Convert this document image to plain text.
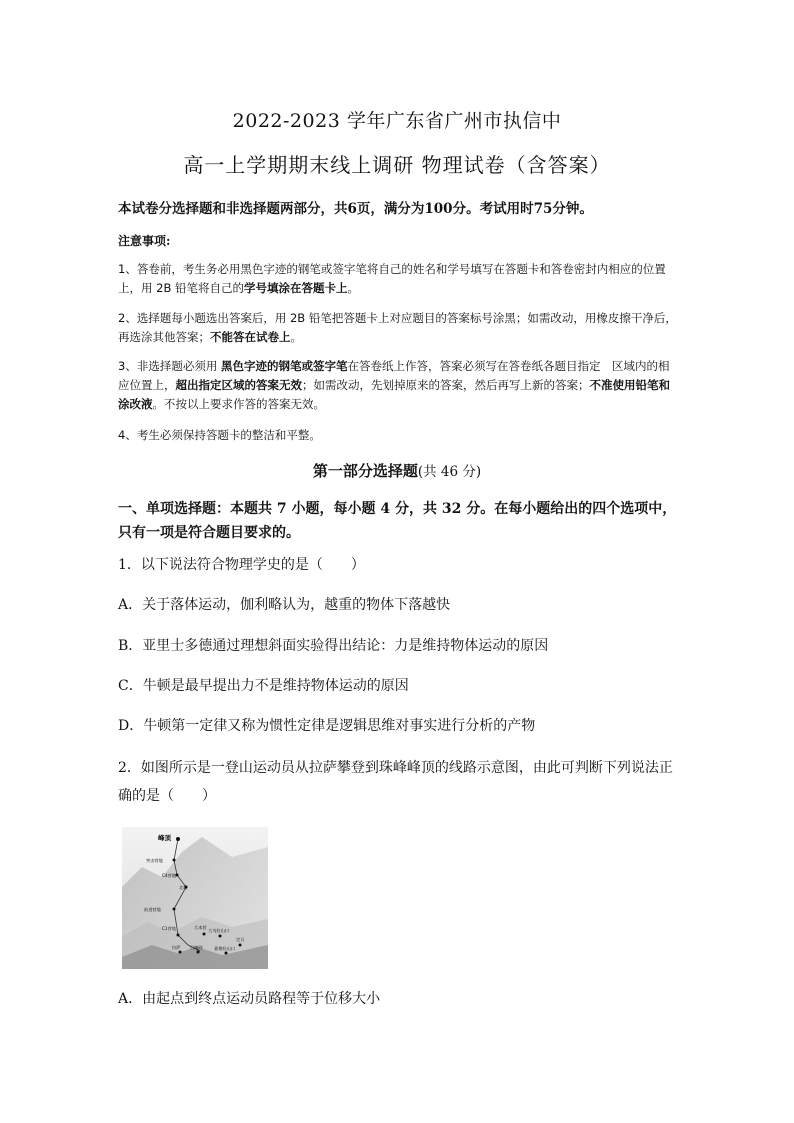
2022-2023 学年广东省广州市执信中
高一上学期期末线上调研 物理试卷（含答案）
本试卷分选择题和非选择题两部分，共6页，满分为100分。考试用时75分钟。
注意事项:
1、答卷前，考生务必用黑色字迹的钢笔或签字笔将自己的姓名和学号填写在答题卡和答卷密封内相应的位置上，用 2B 铅笔将自己的学号填涂在答题卡上。
2、选择题每小题选出答案后，用 2B 铅笔把答题卡上对应题目的答案标号涂黑；如需改动，用橡皮擦干净后，再选涂其他答案；不能答在试卷上。
3、非选择题必须用 黑色字迹的钢笔或签字笔在答卷纸上作答，答案必须写在答卷纸各题目指定　区域内的相应位置上，超出指定区域的答案无效；如需改动，先划掉原来的答案，然后再写上新的答案；不准使用铅笔和涂改液。不按以上要求作答的答案无效。
4、考生必须保持答题卡的整洁和平整。
第一部分选择题(共 46 分)
一、单项选择题：本题共 7 小题，每小题 4 分，共 32 分。在每小题给出的四个选项中，
只有一项是符合题目要求的。
1．以下说法符合物理学史的是（　　）
A．关于落体运动，伽利略认为，越重的物体下落越快
B．亚里士多德通过理想斜面实验得出结论：力是维持物体运动的原因
C．牛顿是最早提出力不是维持物体运动的原因
D．牛顿第一定律又称为惯性定律是逻辑思维对事实进行分析的产物
2．如图所示是一登山运动员从拉萨攀登到珠峰峰顶的线路示意图，由此可判断下列说法正
确的是（　　）
峰顶
突击营地
C4营地
北坳
前进营地
C1营地	大本营
大乌拉山口
拉萨 日喀则	嘉措拉山口
定日
A．由起点到终点运动员路程等于位移大小
